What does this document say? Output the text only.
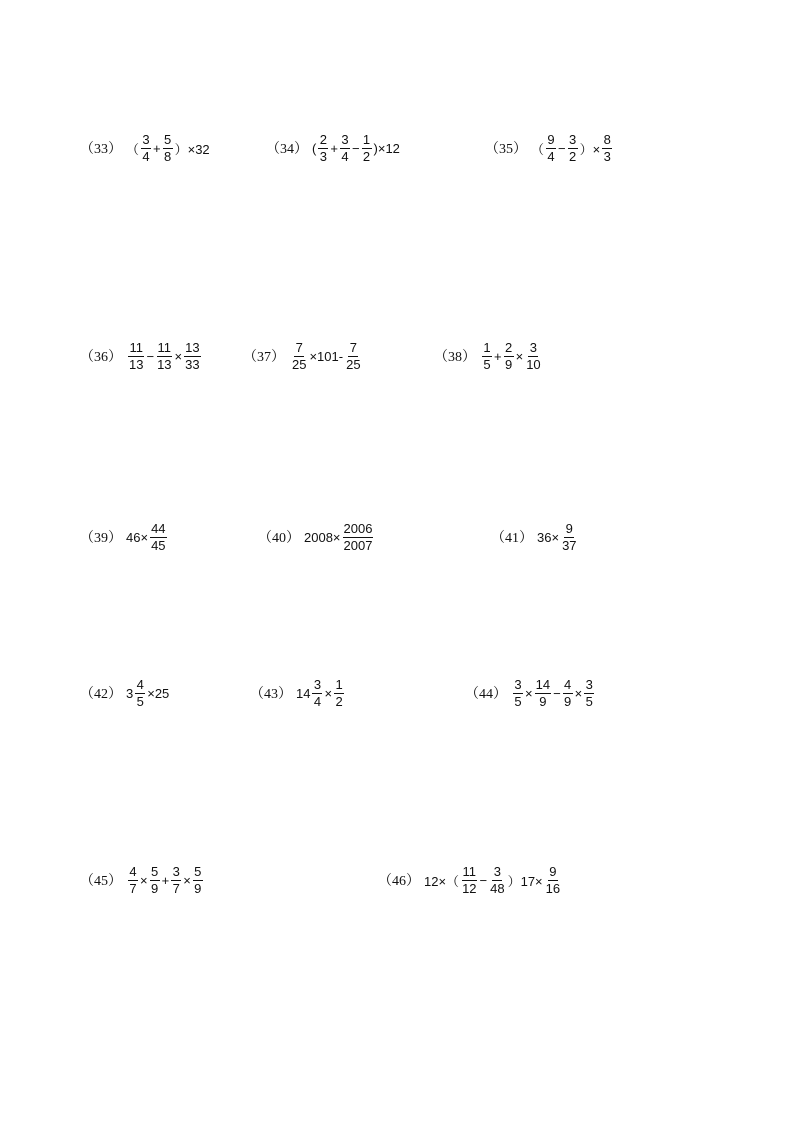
（33） （ $\frac{3}{4} + \frac{5}{8} )\times 32$	（34） ( $\frac{2}{3} + \frac{3}{4} - \frac{1}{2} )\times 12$	（35） （ $\frac{9}{4} - \frac{3}{2}$ ）× $\frac{8}{3}$
$(36) \frac{11}{13} - \frac{11}{13} \times \frac{13}{33}$	$(37) \frac{7}{25} \times 101- \frac{7}{25}$	$(38) \frac{1}{5} + \frac{2}{9} \times \frac{3}{10}$
（39） $46\times \frac{44}{45}$	（40） $2008\times \frac{2006}{2007}$	（41） $36\times \frac{9}{37}$
（42） $3 \frac{4}{5} \times 25$	（43） $14 \frac{3}{4} \times \frac{1}{2}$	$(44) \frac{3}{5} \times \frac{14}{9} - \frac{4}{9} \times \frac{3}{5}$
$(45) \frac{4}{7} \times \frac{5}{9} + \frac{3}{7} \times \frac{5}{9}$	（46） $12\times( \frac{11}{12} - \frac{3}{48} )17\times \frac{9}{16}$
